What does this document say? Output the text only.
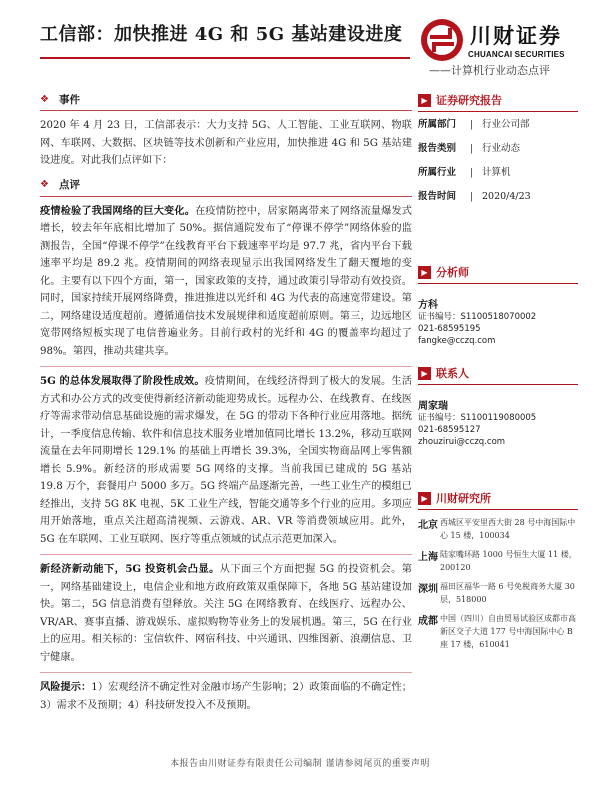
工信部：加快推进 4G 和 5G 基站建设进度
——计算机行业动态点评
川财证券
CHUANCAI SECURITIES
❖ 事件

2020 年 4 月 23 日，工信部表示：大力支持 5G、人工智能、工业互联网、物联网、车联网、大数据、区块链等技术创新和产业应用，加快推进 4G 和 5G 基站建设进度。对此我们点评如下：

❖ 点评

疫情检验了我国网络的巨大变化。在疫情防控中，居家隔离带来了网络流量爆发式增长，较去年年底相比增加了 50%。据信通院发布了“停课不停学”网络体验的监测报告，全国“停课不停学”在线教育平台下载速率平均是 97.7 兆，省内平台下载速率平均是 89.2 兆。疫情期间的网络表现显示出我国网络发生了翻天覆地的变化。主要有以下四个方面，第一，国家政策的支持，通过政策引导带动有效投资。同时，国家持续开展网络降费，推进推进以光纤和 4G 为代表的高速宽带建设。第二，网络建设适度超前。遵循通信技术发展规律和适度超前原则。第三，边远地区宽带网络短板实现了电信普遍业务。目前行政村的光纤和 4G 的覆盖率均超过了 98%。第四，推动共建共享。

5G 的总体发展取得了阶段性成效。疫情期间，在线经济得到了极大的发展。生活方式和办公方式的改变使得新经济新动能迎势成长。远程办公、在线教育、在线医疗等需求带动信息基础设施的需求爆发，在 5G 的带动下各种行业应用落地。据统计，一季度信息传输、软件和信息技术服务业增加值同比增长 13.2%，移动互联网流量在去年同期增长 129.1% 的基础上再增长 39.3%，全国实物商品网上零售额增长 5.9%。新经济的形成需要 5G 网络的支撑。当前我国已建成的 5G 基站 19.8 万个，套餐用户 5000 多万。5G 终端产品逐渐完善，一些工业生产的模组已经推出，支持 5G 8K 电视、5K 工业生产线，智能交通等多个行业的应用。多项应用开始落地，重点关注超高清视频、云游戏、AR、VR 等消费领域应用。此外，5G 在车联网、工业互联网、医疗等重点领域的试点示范更加深入。

新经济新动能下，5G 投资机会凸显。从下面三个方面把握 5G 的投资机会。第一，网络基础建设上，电信企业和地方政府政策双重保障下，各地 5G 基站建设加快。第二，5G 信息消费有望释放。关注 5G 在网络教育、在线医疗、远程办公、VR/AR、赛事直播、游戏娱乐、虚拟购物等业务上的发展机遇。第三，5G 在行业上的应用。相关标的：宝信软件、网宿科技、中兴通讯、四维图新、浪潮信息、卫宁健康。

风险提示：1）宏观经济不确定性对金融市场产生影响；2）政策面临的不确定性；3）需求不及预期；4）科技研发投入不及预期。

▶ 证券研究报告
所属部门	| 行业公司部
报告类别	| 行业动态
所属行业	| 计算机
报告时间	| 2020/4/23
▶ 分析师
方科
证书编号：S1100518070002
021-68595195
fangke@cczq.com
▶ 联系人
周家瑞
证书编号：S1100119080005
021-68595127
zhouzirui@cczq.com
▶ 川财研究所
北京 西城区平安里西大街 28 号中海国际中心 15 楼，100034
上海 陆家嘴环路 1000 号恒生大厦 11 楼，200120
深圳 福田区福华一路 6 号免税商务大厦 30 层，518000
成都 中国（四川）自由贸易试验区成都市高新区交子大道 177 号中海国际中心 B 座 17 楼，610041
本报告由川财证券有限责任公司编制 谨请参阅尾页的重要声明
